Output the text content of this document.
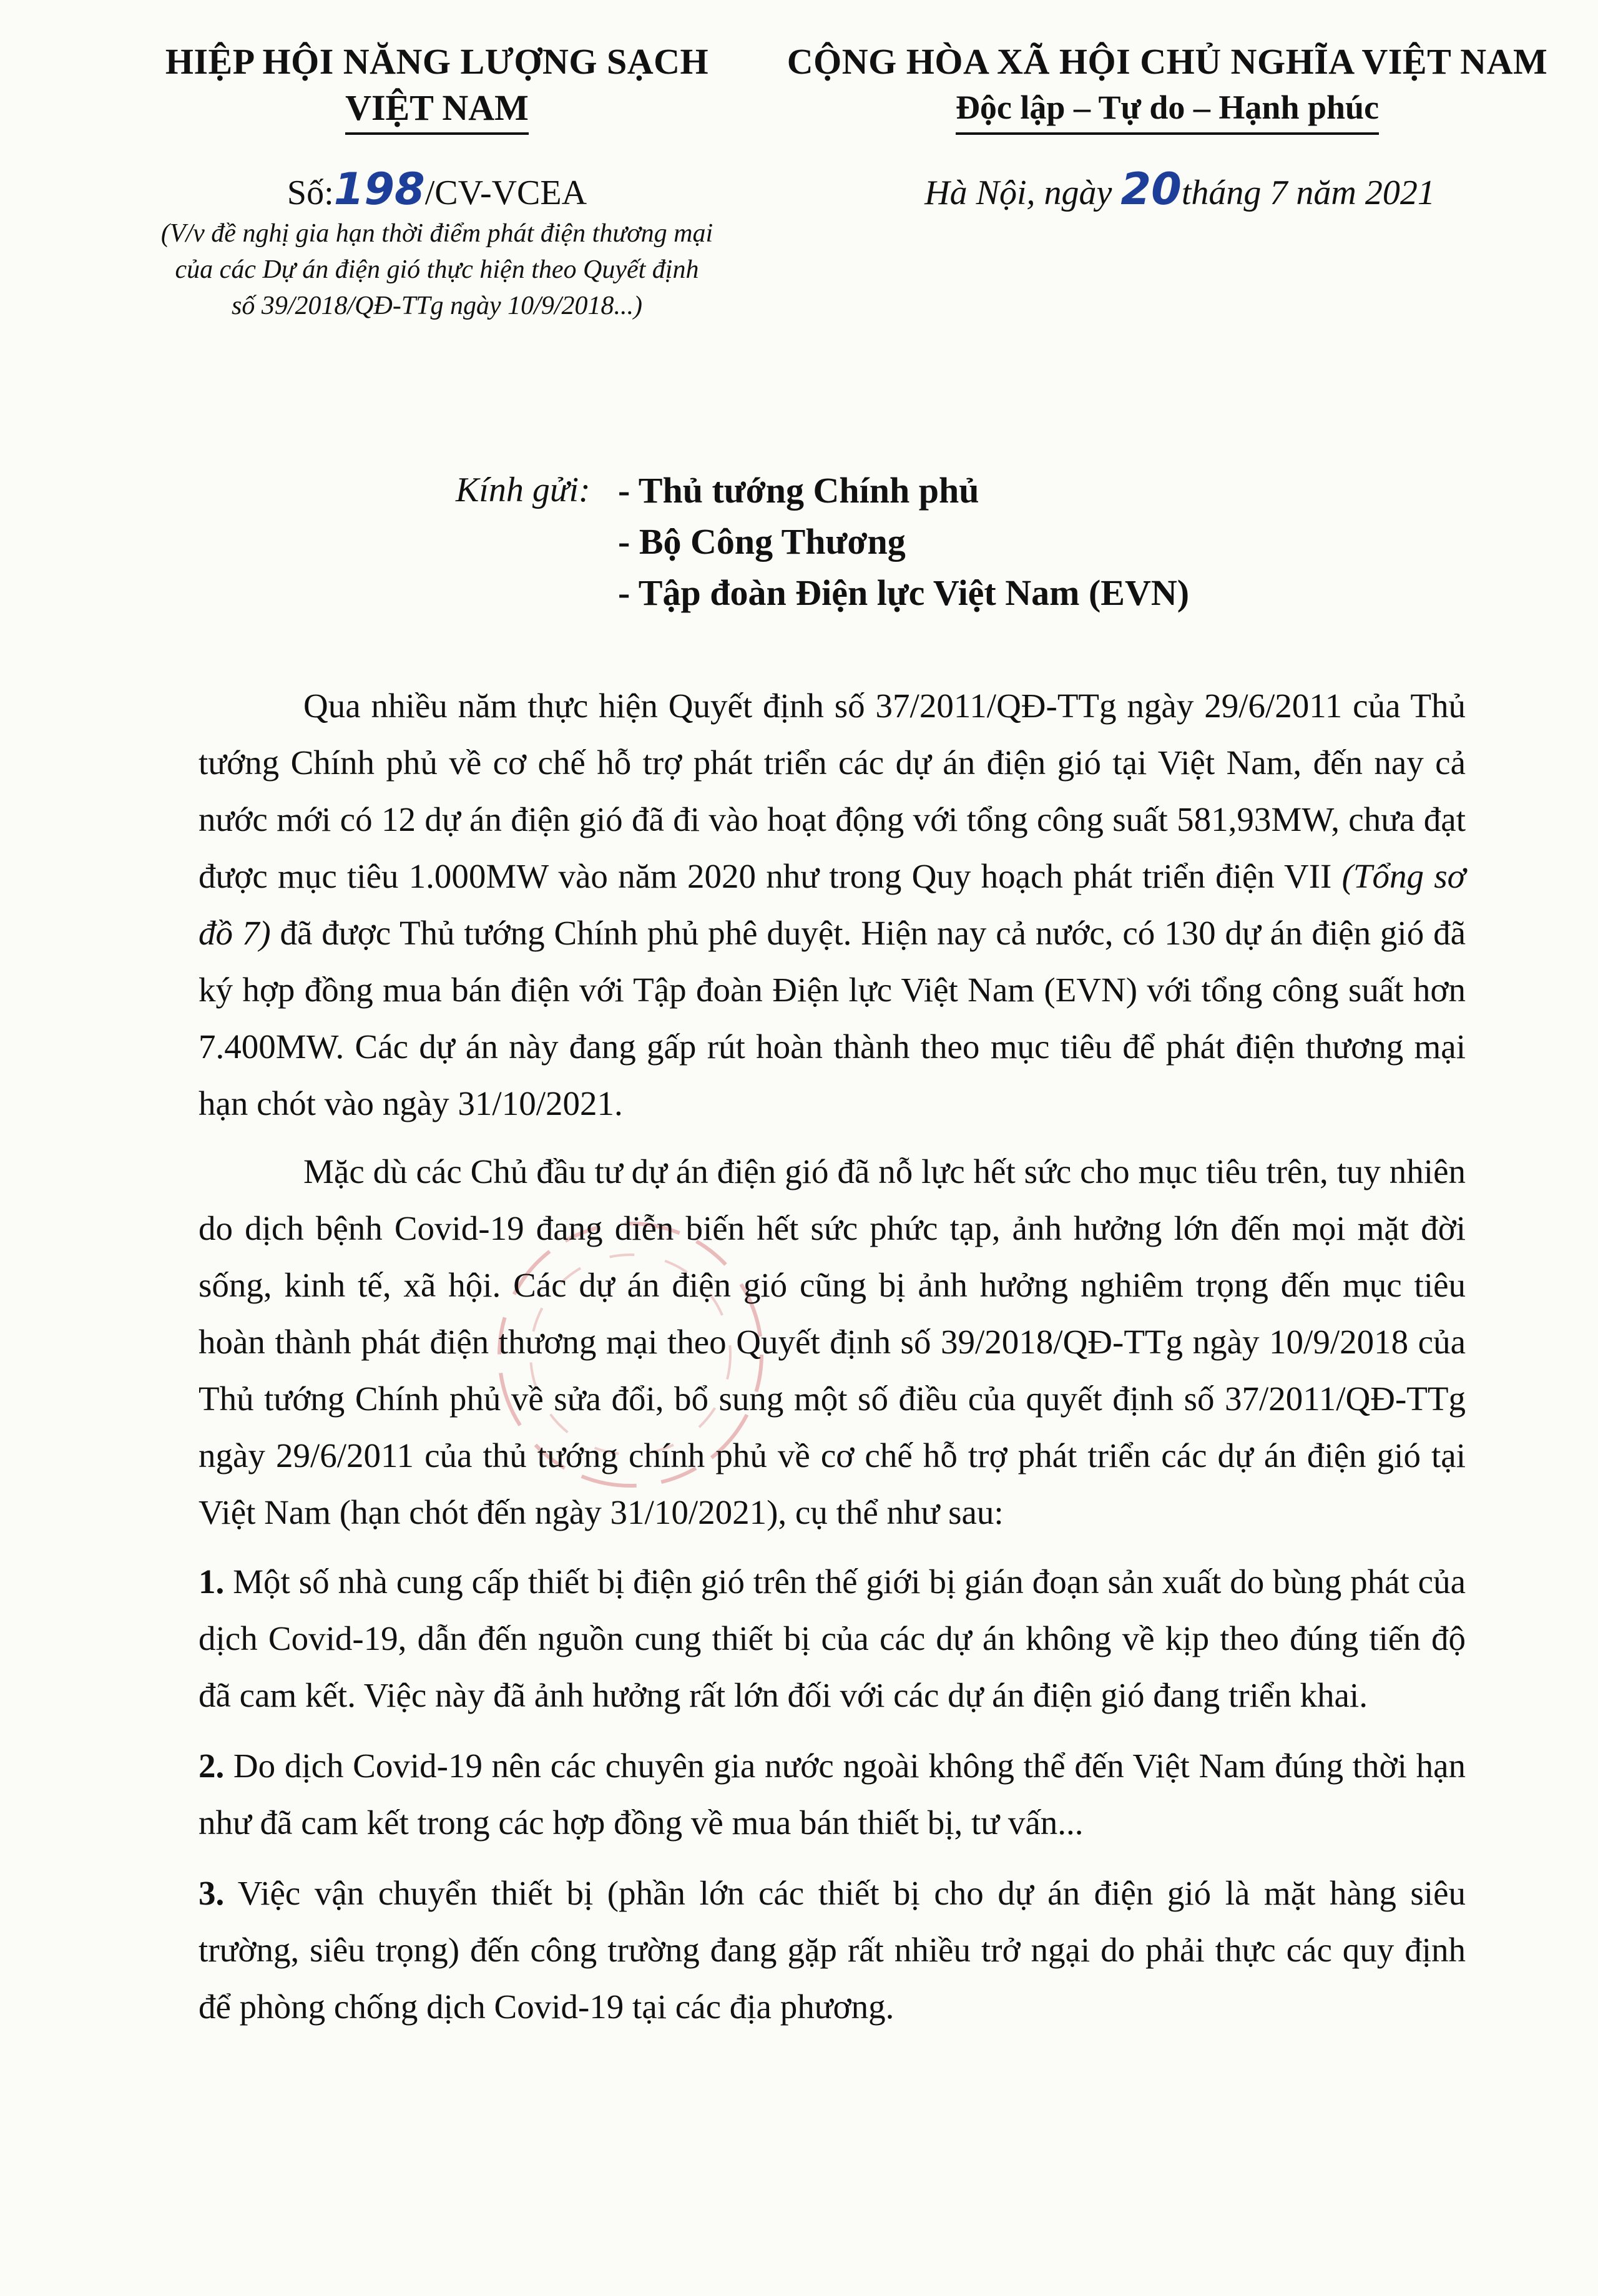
HIỆP HỘI NĂNG LƯỢNG SẠCH
VIỆT NAM
CỘNG HÒA XÃ HỘI CHỦ NGHĨA VIỆT NAM
Độc lập – Tự do – Hạnh phúc
Số:198/CV-VCEA	Hà Nội, ngày 20tháng 7 năm 2021
(V/v đề nghị gia hạn thời điểm phát điện thương mại
của các Dự án điện gió thực hiện theo Quyết định
số 39/2018/QĐ-TTg ngày 10/9/2018...)
Kính gửi: - Thủ tướng Chính phủ
- Bộ Công Thương
- Tập đoàn Điện lực Việt Nam (EVN)

Qua nhiều năm thực hiện Quyết định số 37/2011/QĐ-TTg ngày 29/6/2011 của Thủ tướng Chính phủ về cơ chế hỗ trợ phát triển các dự án điện gió tại Việt Nam, đến nay cả nước mới có 12 dự án điện gió đã đi vào hoạt động với tổng công suất 581,93MW, chưa đạt được mục tiêu 1.000MW vào năm 2020 như trong Quy hoạch phát triển điện VII (Tổng sơ đồ 7) đã được Thủ tướng Chính phủ phê duyệt. Hiện nay cả nước, có 130 dự án điện gió đã ký hợp đồng mua bán điện với Tập đoàn Điện lực Việt Nam (EVN) với tổng công suất hơn 7.400MW. Các dự án này đang gấp rút hoàn thành theo mục tiêu để phát điện thương mại hạn chót vào ngày 31/10/2021.

Mặc dù các Chủ đầu tư dự án điện gió đã nỗ lực hết sức cho mục tiêu trên, tuy nhiên do dịch bệnh Covid-19 đang diễn biến hết sức phức tạp, ảnh hưởng lớn đến mọi mặt đời sống, kinh tế, xã hội. Các dự án điện gió cũng bị ảnh hưởng nghiêm trọng đến mục tiêu hoàn thành phát điện thương mại theo Quyết định số 39/2018/QĐ-TTg ngày 10/9/2018 của Thủ tướng Chính phủ về sửa đổi, bổ sung một số điều của quyết định số 37/2011/QĐ-TTg ngày 29/6/2011 của thủ tướng chính phủ về cơ chế hỗ trợ phát triển các dự án điện gió tại Việt Nam (hạn chót đến ngày 31/10/2021), cụ thể như sau:

1. Một số nhà cung cấp thiết bị điện gió trên thế giới bị gián đoạn sản xuất do bùng phát của dịch Covid-19, dẫn đến nguồn cung thiết bị của các dự án không về kịp theo đúng tiến độ đã cam kết. Việc này đã ảnh hưởng rất lớn đối với các dự án điện gió đang triển khai.

2. Do dịch Covid-19 nên các chuyên gia nước ngoài không thể đến Việt Nam đúng thời hạn như đã cam kết trong các hợp đồng về mua bán thiết bị, tư vấn...

3. Việc vận chuyển thiết bị (phần lớn các thiết bị cho dự án điện gió là mặt hàng siêu trường, siêu trọng) đến công trường đang gặp rất nhiều trở ngại do phải thực các quy định để phòng chống dịch Covid-19 tại các địa phương.
